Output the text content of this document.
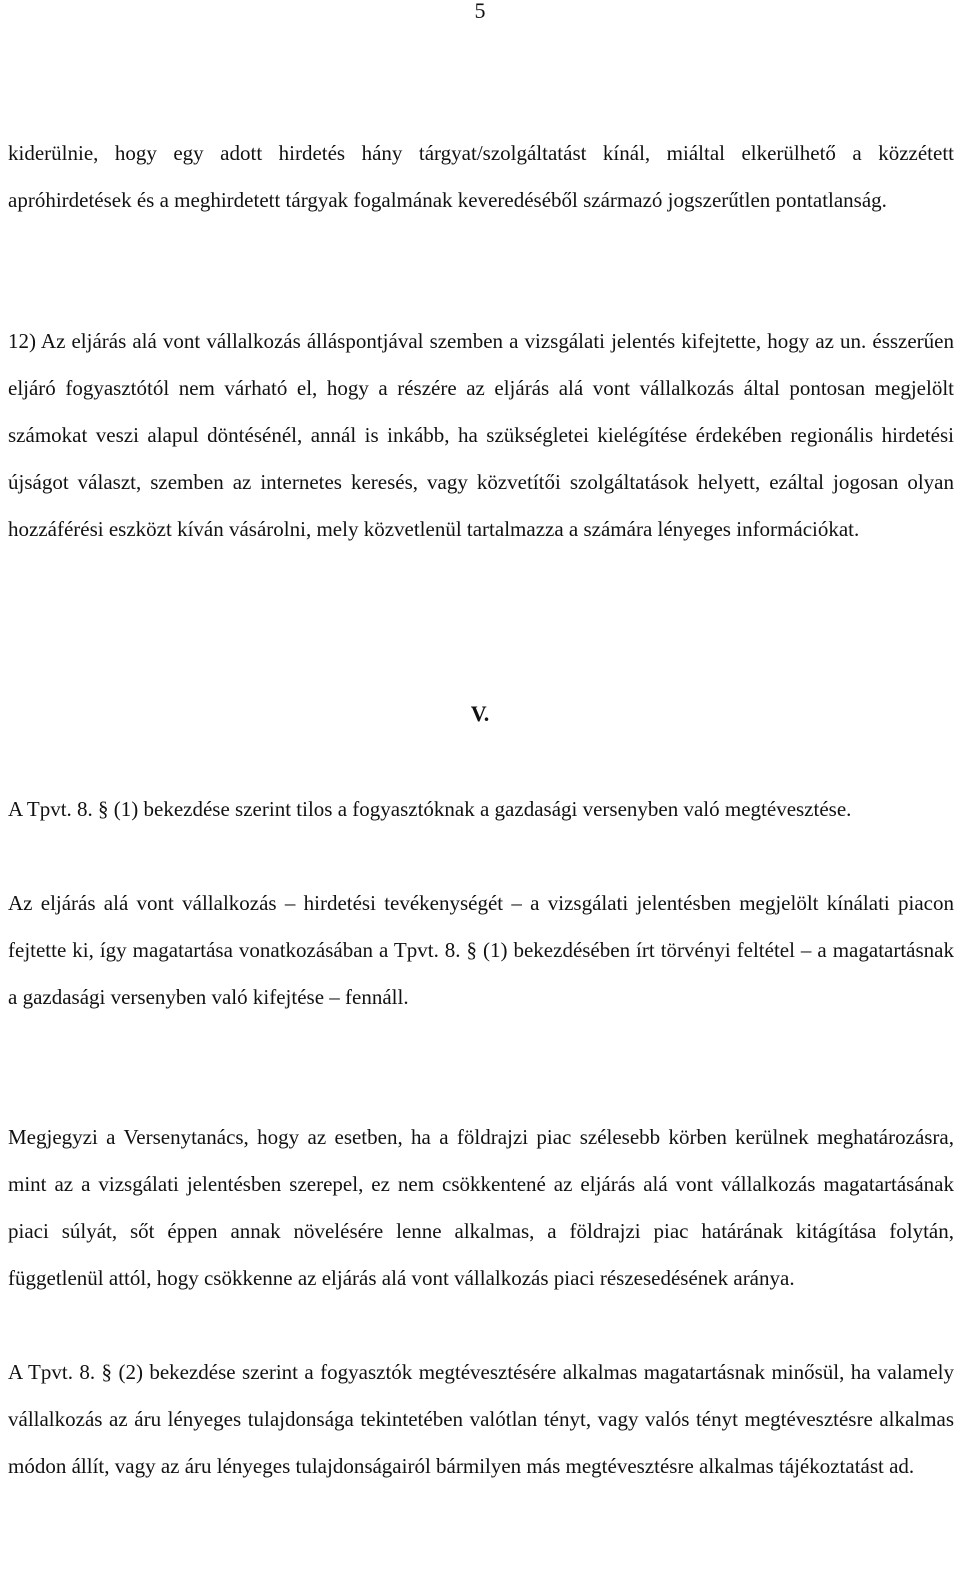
5

kiderülnie, hogy egy adott hirdetés hány tárgyat/szolgáltatást kínál, miáltal elkerülhető a közzétett apróhirdetések és a meghirdetett tárgyak fogalmának keveredéséből származó jogszerűtlen pontatlanság.

12) Az eljárás alá vont vállalkozás álláspontjával szemben a vizsgálati jelentés kifejtette, hogy az un. ésszerűen eljáró fogyasztótól nem várható el, hogy a részére az eljárás alá vont vállalkozás által pontosan megjelölt számokat veszi alapul döntésénél, annál is inkább, ha szükségletei kielégítése érdekében regionális hirdetési újságot választ, szemben az internetes keresés, vagy közvetítői szolgáltatások helyett, ezáltal jogosan olyan hozzáférési eszközt kíván vásárolni, mely közvetlenül tartalmazza a számára lényeges információkat.

V.

A Tpvt. 8. § (1) bekezdése szerint tilos a fogyasztóknak a gazdasági versenyben való megtévesztése.

Az eljárás alá vont vállalkozás – hirdetési tevékenységét – a vizsgálati jelentésben megjelölt kínálati piacon fejtette ki, így magatartása vonatkozásában a Tpvt. 8. § (1) bekezdésében írt törvényi feltétel – a magatartásnak a gazdasági versenyben való kifejtése – fennáll.

Megjegyzi a Versenytanács, hogy az esetben, ha a földrajzi piac szélesebb körben kerülnek meghatározásra, mint az a vizsgálati jelentésben szerepel, ez nem csökkentené az eljárás alá vont vállalkozás magatartásának piaci súlyát, sőt éppen annak növelésére lenne alkalmas, a földrajzi piac határának kitágítása folytán, függetlenül attól, hogy csökkenne az eljárás alá vont vállalkozás piaci részesedésének aránya.

A Tpvt. 8. § (2) bekezdése szerint a fogyasztók megtévesztésére alkalmas magatartásnak minősül, ha valamely vállalkozás az áru lényeges tulajdonsága tekintetében valótlan tényt, vagy valós tényt megtévesztésre alkalmas módon állít, vagy az áru lényeges tulajdonságairól bármilyen más megtévesztésre alkalmas tájékoztatást ad.
